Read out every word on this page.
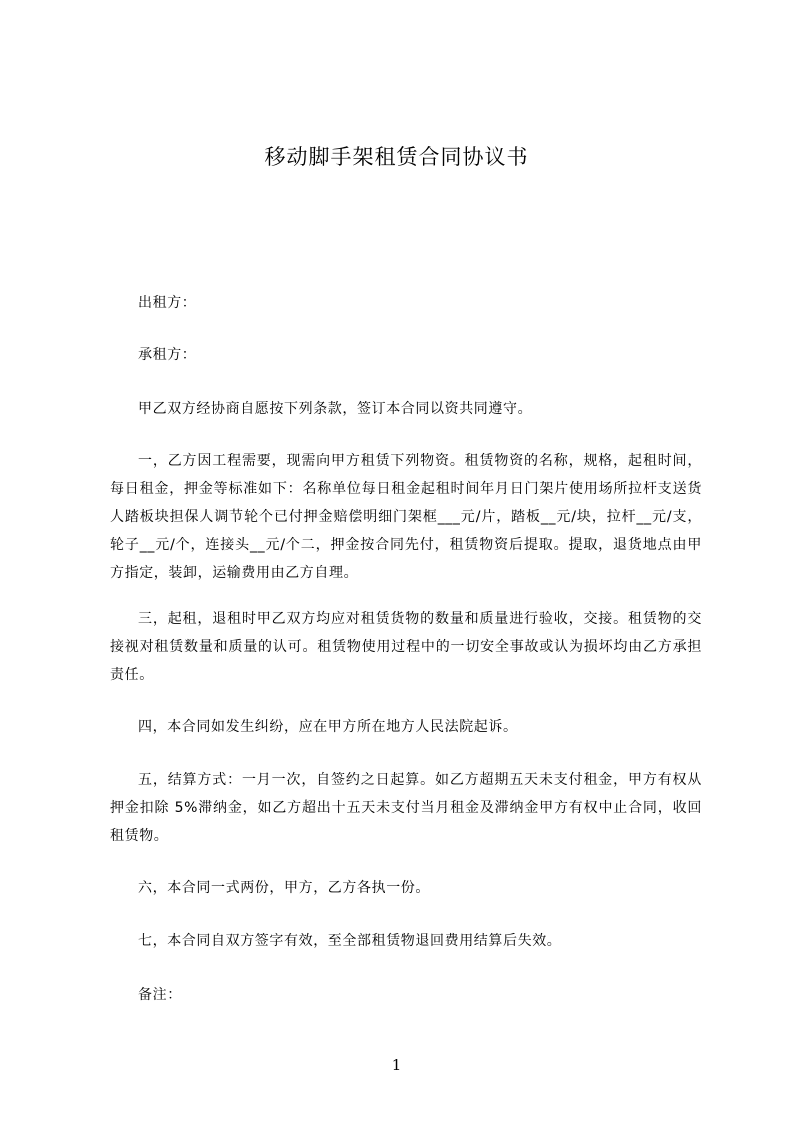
移动脚手架租赁合同协议书
出租方：
承租方：
甲乙双方经协商自愿按下列条款，签订本合同以资共同遵守。
一，乙方因工程需要，现需向甲方租赁下列物资。租赁物资的名称，规格，起租时间，每日租金，押金等标准如下：名称单位每日租金起租时间年月日门架片使用场所拉杆支送货人踏板块担保人调节轮个已付押金赔偿明细门架框___元/片，踏板__元/块，拉杆__元/支，轮子__元/个，连接头__元/个二，押金按合同先付，租赁物资后提取。提取，退货地点由甲方指定，装卸，运输费用由乙方自理。
三，起租，退租时甲乙双方均应对租赁货物的数量和质量进行验收，交接。租赁物的交接视对租赁数量和质量的认可。租赁物使用过程中的一切安全事故或认为损坏均由乙方承担责任。
四，本合同如发生纠纷，应在甲方所在地方人民法院起诉。
五，结算方式：一月一次，自签约之日起算。如乙方超期五天未支付租金，甲方有权从押金扣除 5%滞纳金，如乙方超出十五天未支付当月租金及滞纳金甲方有权中止合同，收回租赁物。
六，本合同一式两份，甲方，乙方各执一份。
七，本合同自双方签字有效，至全部租赁物退回费用结算后失效。
备注：
1
